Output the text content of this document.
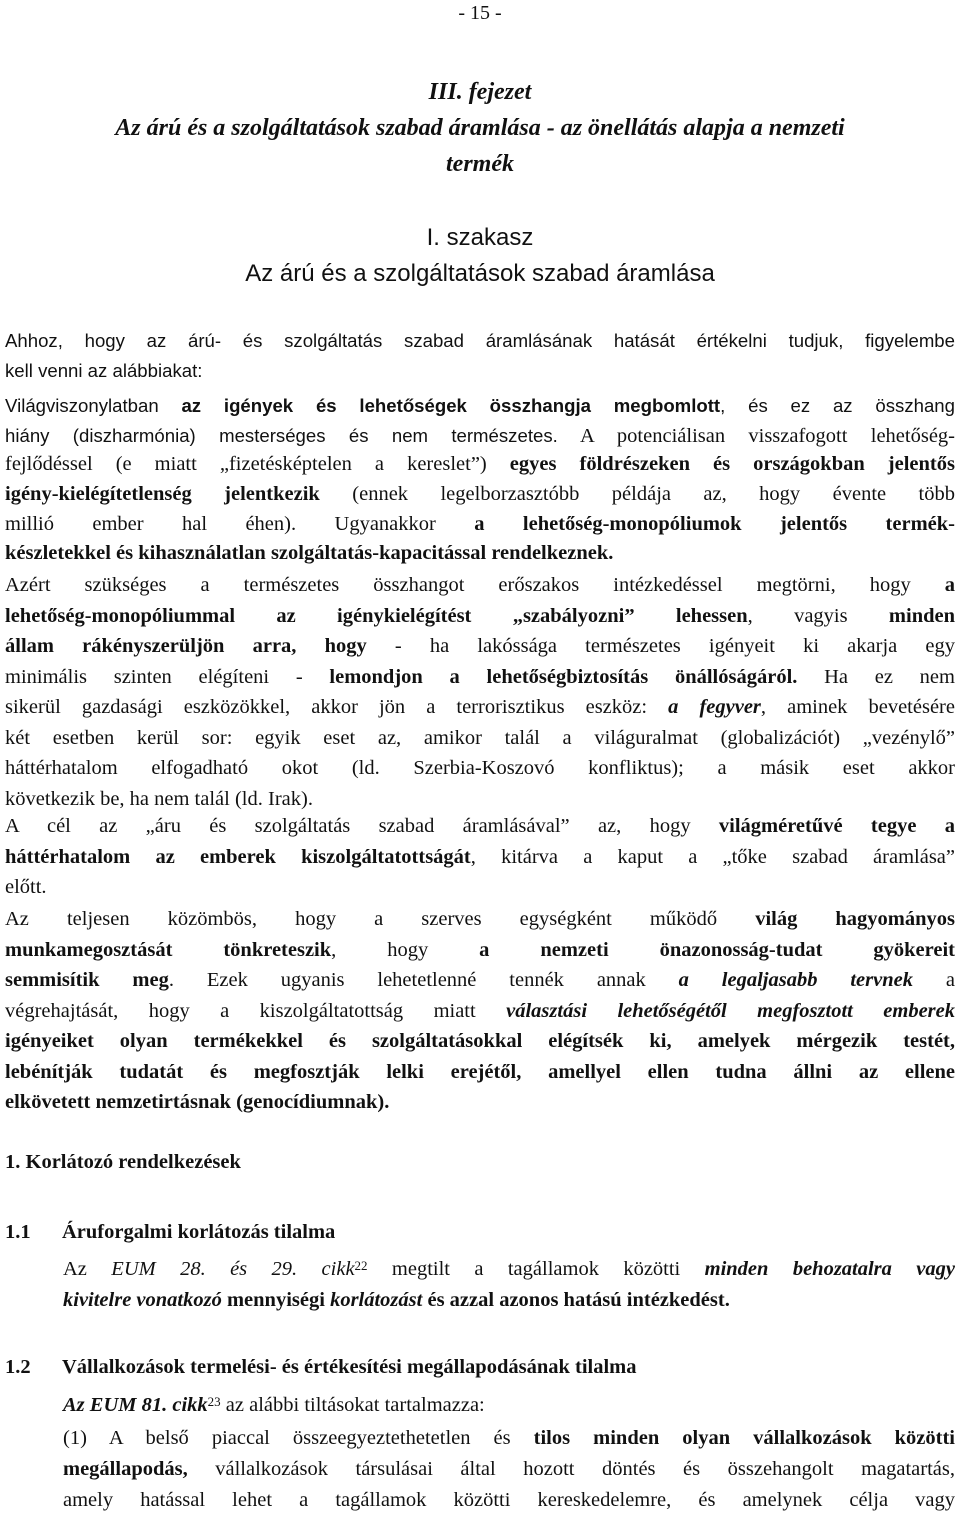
- 15 -
III. fejezet
Az árú és a szolgáltatások szabad áramlása - az önellátás alapja a nemzeti
termék
I. szakasz
Az árú és a szolgáltatások szabad áramlása
Ahhoz, hogy az árú- és szolgáltatás szabad áramlásának hatását értékelni tudjuk, figyelembe
kell venni az alábbiakat:
Világviszonylatban az igények és lehetőségek összhangja megbomlott, és ez az összhang
hiány (diszharmónia) mesterséges és nem természetes. A potenciálisan visszafogott lehetőség-
fejlődéssel (e miatt „fizetésképtelen a kereslet”) egyes földrészeken és országokban jelentős
igény-kielégítetlenség jelentkezik (ennek legelborzasztóbb példája az, hogy évente több
millió ember hal éhen). Ugyanakkor a lehetőség-monopóliumok jelentős termék-
készletekkel és kihasználatlan szolgáltatás-kapacitással rendelkeznek.
Azért szükséges a természetes összhangot erőszakos intézkedéssel megtörni, hogy a
lehetőség-monopóliummal az igénykielégítést „szabályozni” lehessen, vagyis minden
állam rákényszerüljön arra, hogy - ha lakóssága természetes igényeit ki akarja egy
minimális szinten elégíteni - lemondjon a lehetőségbiztosítás önállóságáról. Ha ez nem
sikerül gazdasági eszközökkel, akkor jön a terrorisztikus eszköz: a fegyver, aminek bevetésére
két esetben kerül sor: egyik eset az, amikor talál a világuralmat (globalizációt) „vezénylő”
háttérhatalom elfogadható okot (ld. Szerbia-Koszovó konfliktus); a másik eset akkor
következik be, ha nem talál (ld. Irak).
A cél az „áru és szolgáltatás szabad áramlásával” az, hogy világméretűvé tegye a
háttérhatalom az emberek kiszolgáltatottságát, kitárva a kaput a „tőke szabad áramlása”
előtt.
Az teljesen közömbös, hogy a szerves egységként működő világ hagyományos
munkamegosztását tönkreteszik, hogy a nemzeti önazonosság-tudat gyökereit
semmisítik meg. Ezek ugyanis lehetetlenné tennék annak a legaljasabb tervnek a
végrehajtását, hogy a kiszolgáltatottság miatt választási lehetőségétől megfosztott emberek
igényeiket olyan termékekkel és szolgáltatásokkal elégítsék ki, amelyek mérgezik testét,
lebénítják tudatát és megfosztják lelki erejétől, amellyel ellen tudna állni az ellene
elkövetett nemzetirtásnak (genocídiumnak).
1. Korlátozó rendelkezések
1.1 Áruforgalmi korlátozás tilalma
Az EUM 28. és 29. cikk$^{22}$ megtilt a tagállamok közötti minden behozatalra vagy
kivitelre vonatkozó mennyiségi korlátozást és azzal azonos hatású intézkedést.
1.2 Vállalkozások termelési- és értékesítési megállapodásának tilalma
Az EUM 81. cikk$^{23}$ az alábbi tiltásokat tartalmazza:
(1) A belső piaccal összeegyeztethetetlen és tilos minden olyan vállalkozások közötti
megállapodás, vállalkozások társulásai által hozott döntés és összehangolt magatartás,
amely hatással lehet a tagállamok közötti kereskedelemre, és amelynek célja vagy
